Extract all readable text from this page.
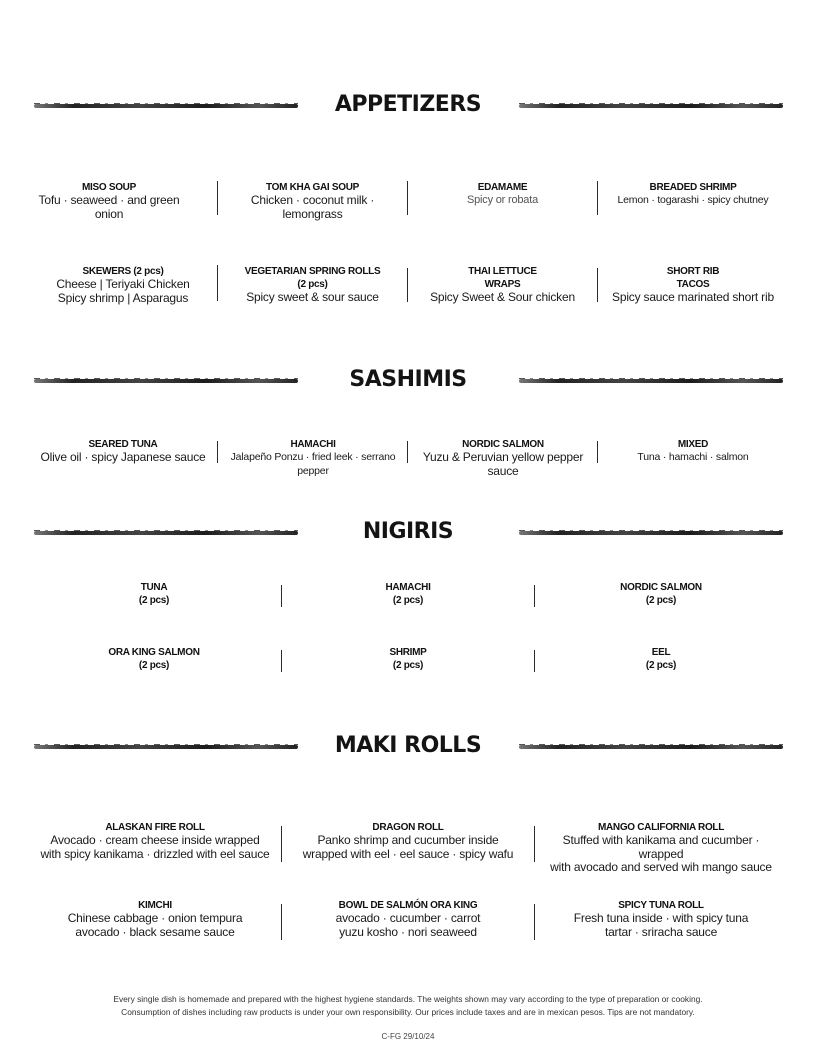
APPETIZERS
MISO SOUP
Tofu · seaweed · and green onion
TOM KHA GAI SOUP
Chicken · coconut milk · lemongrass
EDAMAME
Spicy or robata
BREADED SHRIMP
Lemon · togarashi · spicy chutney
SKEWERS (2 pcs)
Cheese | Teriyaki Chicken
Spicy shrimp | Asparagus
VEGETARIAN SPRING ROLLS
(2 pcs)
Spicy sweet & sour sauce
THAI LETTUCE
WRAPS
Spicy Sweet & Sour chicken
SHORT RIB
TACOS
Spicy sauce marinated short rib
SASHIMIS
SEARED TUNA
Olive oil · spicy Japanese sauce
HAMACHI
Jalapeño Ponzu · fried leek · serrano pepper
NORDIC SALMON
Yuzu & Peruvian yellow pepper sauce
MIXED
Tuna · hamachi · salmon
NIGIRIS
TUNA
(2 pcs)
HAMACHI
(2 pcs)
NORDIC SALMON
(2 pcs)
ORA KING SALMON
(2 pcs)
SHRIMP
(2 pcs)
EEL
(2 pcs)
MAKI ROLLS
ALASKAN FIRE ROLL
Avocado · cream cheese inside wrapped
with spicy kanikama · drizzled with eel sauce
DRAGON ROLL
Panko shrimp and cucumber inside
wrapped with eel · eel sauce · spicy wafu
MANGO CALIFORNIA ROLL
Stuffed with kanikama and cucumber · wrapped
with avocado and served wih mango sauce
KIMCHI
Chinese cabbage · onion tempura
avocado · black sesame sauce
BOWL DE SALMÓN ORA KING
avocado · cucumber · carrot
yuzu kosho · nori seaweed
SPICY TUNA ROLL
Fresh tuna inside · with spicy tuna
tartar · sriracha sauce
Every single dish is homemade and prepared with the highest hygiene standards. The weights shown may vary according to the type of preparation or cooking.
Consumption of dishes including raw products is under your own responsibility. Our prices include taxes and are in mexican pesos. Tips are not mandatory.
C-FG 29/10/24
